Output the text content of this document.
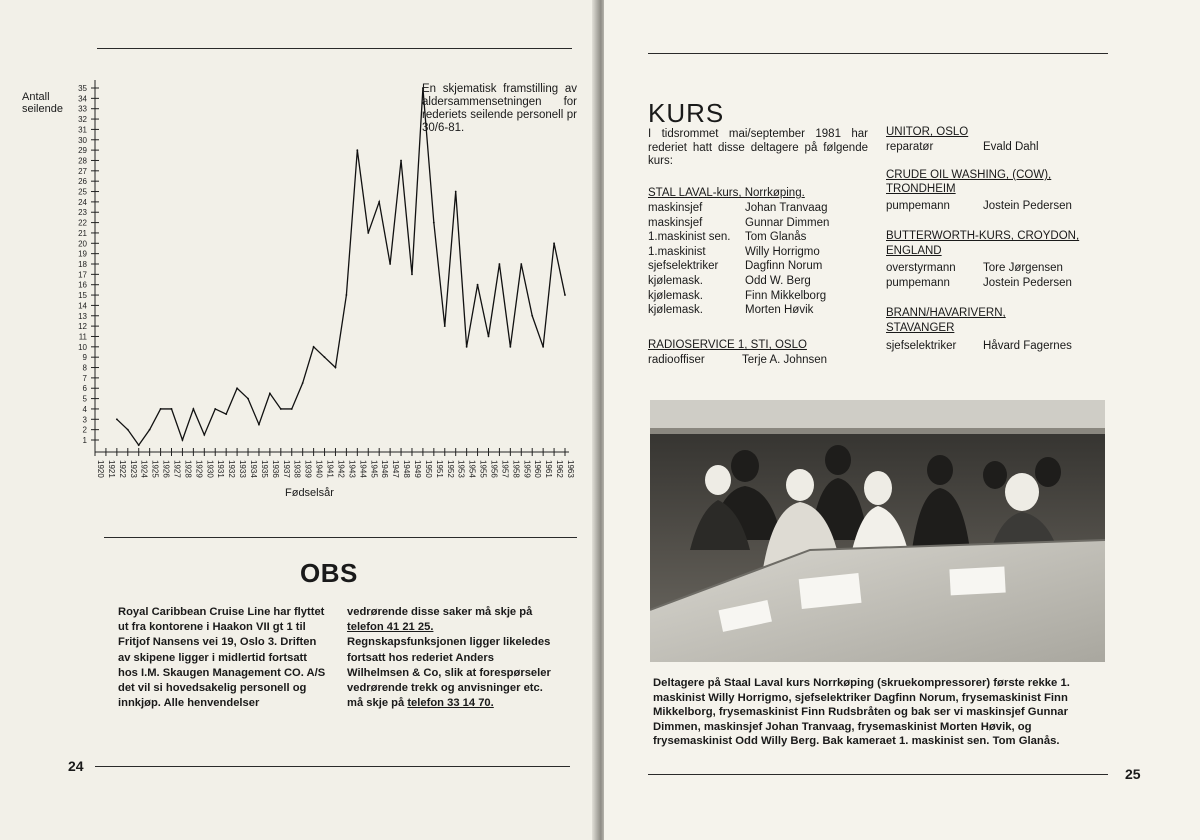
Antall seilende
1
2
3
4
5
6
7
8
9
10
11
12
13
14
15
16
17
18
19
20
21
22
23
24
25
26
27
28
29
30
31
32
33
34
35
1920 1921 1922 1923 1924 1925 1926 1927 1928 1929 1930 1931 1932 1933 1934 1935 1936 1937 1938 1939 1940 1941 1942 1943 1944 1945 1946 1947 1948 1949 1950 1951 1952 1953 1954 1955 1956 1957 1958 1959 1960 1961 1962 1963
En skjematisk framstilling av aldersammensetningen for rederiets seilende personell pr 30/6-81.
Fødselsår
OBS
Royal Caribbean Cruise Line har flyttet
ut fra kontorene i Haakon VII gt 1 til
Fritjof Nansens vei 19, Oslo 3. Driften
av skipene ligger i midlertid fortsatt
hos I.M. Skaugen Management CO. A/S
det vil si hovedsakelig personell og
innkjøp. Alle henvendelser
vedrørende disse saker må skje på
telefon 41 21 25.
Regnskapsfunksjonen ligger likeledes
fortsatt hos rederiet Anders
Wilhelmsen & Co, slik at forespørseler
vedrørende trekk og anvisninger etc.
må skje på telefon 33 14 70.
24
KURS
I tidsrommet mai/september 1981 har rederiet hatt disse deltagere på følgende kurs:
STAL LAVAL-kurs, Norrkøping.
maskinsjef	Johan Tranvaag
maskinsjef	Gunnar Dimmen
1.maskinist sen.	Tom Glanås
1.maskinist	Willy Horrigmo
sjefselektriker	Dagfinn Norum
kjølemask.	Odd W. Berg
kjølemask.	Finn Mikkelborg
kjølemask.	Morten Høvik
RADIOSERVICE 1, STI, OSLO
radiooffiser	Terje A. Johnsen
UNITOR, OSLO
reparatør	Evald Dahl
CRUDE OIL WASHING, (COW),
TRONDHEIM
pumpemann	Jostein Pedersen
BUTTERWORTH-KURS, CROYDON,
ENGLAND
overstyrmann	Tore Jørgensen
pumpemann	Jostein Pedersen
BRANN/HAVARIVERN,
STAVANGER
sjefselektriker	Håvard Fagernes
Deltagere på Staal Laval kurs Norrkøping (skruekompressorer) første rekke 1. maskinist Willy Horrigmo, sjefselektriker Dagfinn Norum, frysemaskinist Finn Mikkelborg, frysemaskinist Finn Rudsbråten og bak ser vi maskinsjef Gunnar Dimmen, maskinsjef Johan Tranvaag, frysemaskinist Morten Høvik, og frysemaskinist Odd Willy Berg. Bak kameraet 1. maskinist sen. Tom Glanås.
25
